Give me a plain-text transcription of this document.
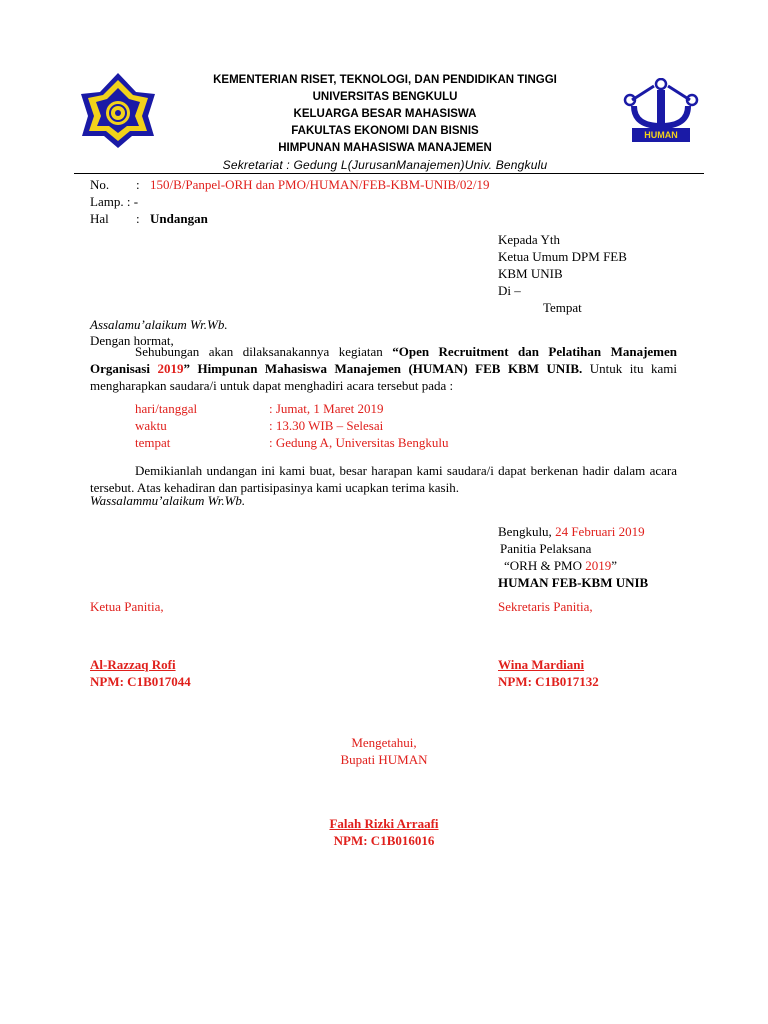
HUMAN
KEMENTERIAN RISET, TEKNOLOGI, DAN PENDIDIKAN TINGGI
UNIVERSITAS BENGKULU
KELUARGA BESAR MAHASISWA
FAKULTAS EKONOMI DAN BISNIS
HIMPUNAN MAHASISWA MANAJEMEN
Sekretariat : Gedung L(JurusanManajemen)Univ. Bengkulu
No. : 150/B/Panpel-ORH dan PMO/HUMAN/FEB-KBM-UNIB/02/19
Lamp. : -
Hal : Undangan
Kepada Yth
Ketua Umum DPM FEB
KBM UNIB
Di –
Tempat
Assalamu’alaikum Wr.Wb.
Dengan hormat,

Sehubungan akan dilaksanakannya kegiatan “Open Recruitment dan Pelatihan Manajemen Organisasi 2019” Himpunan Mahasiswa Manajemen (HUMAN) FEB KBM UNIB. Untuk itu kami mengharapkan saudara/i untuk dapat menghadiri acara tersebut pada :

hari/tanggal	: Jumat, 1 Maret 2019
waktu	: 13.30 WIB – Selesai
tempat	: Gedung A, Universitas Bengkulu

Demikianlah undangan ini kami buat, besar harapan kami saudara/i dapat berkenan hadir dalam acara tersebut. Atas kehadiran dan partisipasinya kami ucapkan terima kasih.

Wassalammu’alaikum Wr.Wb.
Bengkulu, 24 Februari 2019
Panitia Pelaksana
“ORH & PMO 2019”
HUMAN FEB-KBM UNIB
Ketua Panitia,	Sekretaris Panitia,
Al-Razzaq Rofi
NPM: C1B017044
Wina Mardiani
NPM: C1B017132
Mengetahui,
Bupati HUMAN
Falah Rizki Arraafi
NPM: C1B016016
